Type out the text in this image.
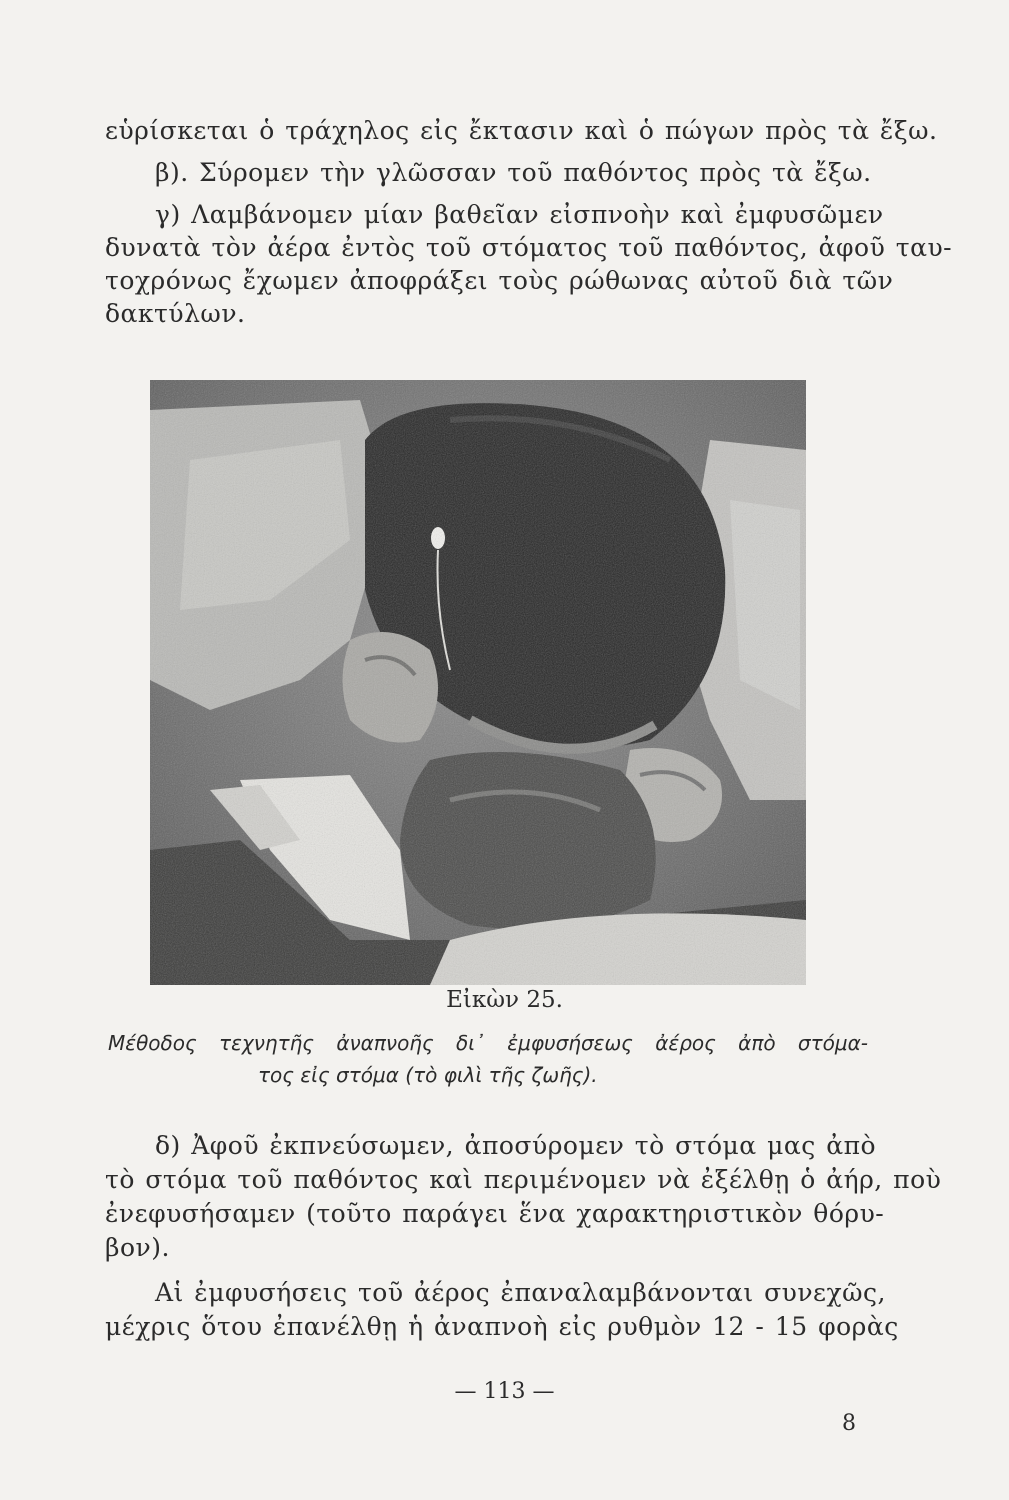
εὑρίσκεται ὁ τράχηλος εἰς ἔκτασιν καὶ ὁ πώγων πρὸς τὰ ἔξω.
β). Σύρομεν τὴν γλῶσσαν τοῦ παθόντος πρὸς τὰ ἔξω.
γ) Λαμβάνομεν μίαν βαθεῖαν εἰσπνοὴν καὶ ἐμφυσῶμεν
δυνατὰ τὸν ἀέρα ἐντὸς τοῦ στόματος τοῦ παθόντος, ἀφοῦ ταυ-
τοχρόνως ἔχωμεν ἀποφράξει τοὺς ρώθωνας αὐτοῦ διὰ τῶν
δακτύλων.
Εἰκὼν 25.
Μέθοδος τεχνητῆς ἀναπνοῆς δι᾽ ἐμφυσήσεως ἀέρος ἀπὸ στόμα-
τος εἰς στόμα (τὸ φιλὶ τῆς ζωῆς).
δ) Ἀφοῦ ἐκπνεύσωμεν, ἀποσύρομεν τὸ στόμα μας ἀπὸ
τὸ στόμα τοῦ παθόντος καὶ περιμένομεν νὰ ἐξέλθῃ ὁ ἀήρ, ποὺ
ἐνεφυσήσαμεν (τοῦτο παράγει ἕνα χαρακτηριστικὸν θόρυ-
βον).
Αἱ ἐμφυσήσεις τοῦ ἀέρος ἐπαναλαμβάνονται συνεχῶς,
μέχρις ὅτου ἐπανέλθῃ ἡ ἀναπνοὴ εἰς ρυθμὸν 12 - 15 φορὰς
— 113 —
8
